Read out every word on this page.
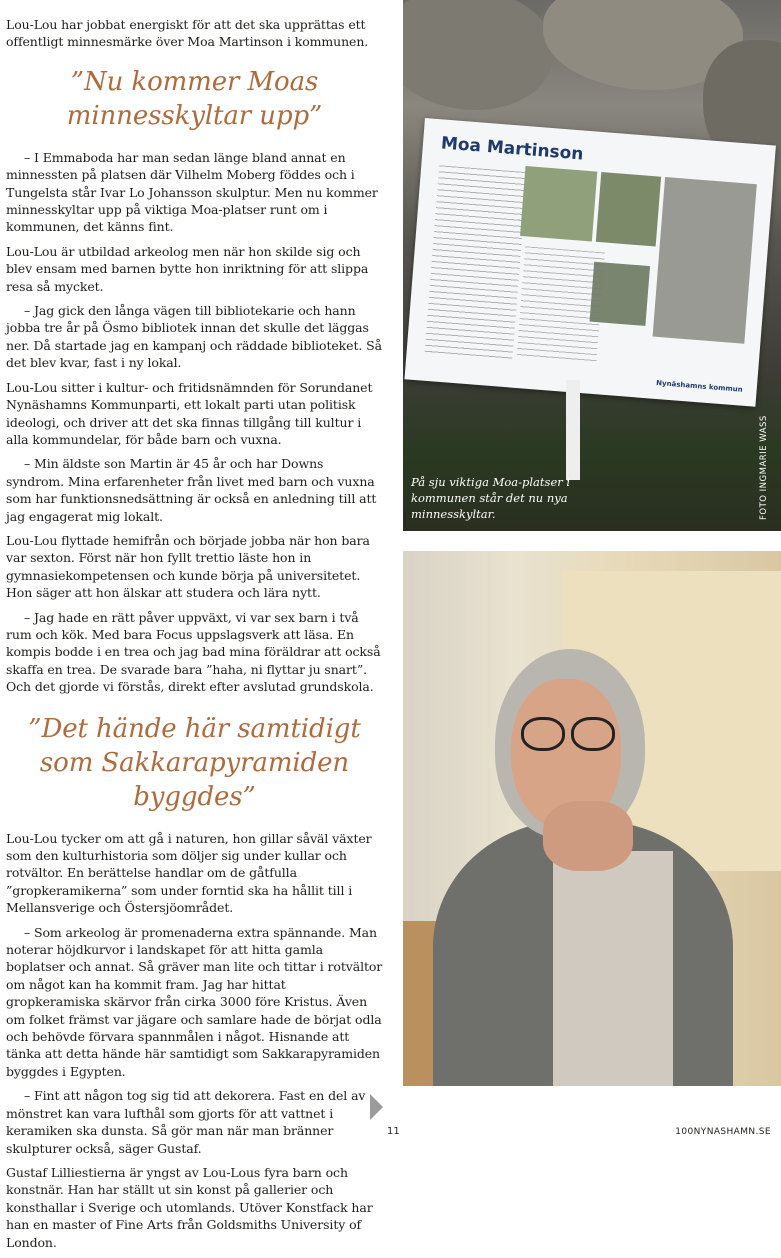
Lou-Lou har jobbat energiskt för att det ska upprättas ett offentligt minnesmärke över Moa Martinson i kommunen.

”Nu kommer Moas minnesskyltar upp”

– I Emmaboda har man sedan länge bland annat en minnessten på platsen där Vilhelm Moberg föddes och i Tungelsta står Ivar Lo Johansson skulptur. Men nu kommer minnesskyltar upp på viktiga Moa-platser runt om i kommunen, det känns fint.

Lou-Lou är utbildad arkeolog men när hon skilde sig och blev ensam med barnen bytte hon inriktning för att slippa resa så mycket.

– Jag gick den långa vägen till bibliotekarie och hann jobba tre år på Ösmo bibliotek innan det skulle det läggas ner. Då startade jag en kampanj och räddade biblioteket. Så det blev kvar, fast i ny lokal.

Lou-Lou sitter i kultur- och fritidsnämnden för Sorundanet Nynäshamns Kommunparti, ett lokalt parti utan politisk ideologi, och driver att det ska finnas tillgång till kultur i alla kommundelar, för både barn och vuxna.

– Min äldste son Martin är 45 år och har Downs syndrom. Mina erfarenheter från livet med barn och vuxna som har funktionsnedsättning är också en anledning till att jag engagerat mig lokalt.

Lou-Lou flyttade hemifrån och började jobba när hon bara var sexton. Först när hon fyllt trettio läste hon in gymnasiekompetensen och kunde börja på universitetet. Hon säger att hon älskar att studera och lära nytt.

– Jag hade en rätt påver uppväxt, vi var sex barn i två rum och kök. Med bara Focus uppslagsverk att läsa. En kompis bodde i en trea och jag bad mina föräldrar att också skaffa en trea. De svarade bara ”haha, ni flyttar ju snart”. Och det gjorde vi förstås, direkt efter avslutad grundskola.

”Det hände här samtidigt som Sakkarapyramiden byggdes”

Lou-Lou tycker om att gå i naturen, hon gillar såväl växter som den kulturhistoria som döljer sig under kullar och rotvältor. En berättelse handlar om de gåtfulla ”gropkeramikerna” som under forntid ska ha hållit till i Mellansverige och Östersjöområdet.

– Som arkeolog är promenaderna extra spännande. Man noterar höjdkurvor i landskapet för att hitta gamla boplatser och annat. Så gräver man lite och tittar i rotvältor om något kan ha kommit fram. Jag har hittat gropkeramiska skärvor från cirka 3000 före Kristus. Även om folket främst var jägare och samlare hade de börjat odla och behövde förvara spannmålen i något. Hisnande att tänka att detta hände här samtidigt som Sakkarapyramiden byggdes i Egypten.

– Fint att någon tog sig tid att dekorera. Fast en del av mönstret kan vara lufthål som gjorts för att vattnet i keramiken ska dunsta. Så gör man när man bränner skulpturer också, säger Gustaf.

Gustaf Lilliestierna är yngst av Lou-Lous fyra barn och konstnär. Han har ställt ut sin konst på gallerier och konsthallar i Sverige och utomlands. Utöver Konstfack har han en master of Fine Arts från Goldsmiths University of London.

Moa Martinson
Nynäshamns kommun
På sju viktiga Moa-platser i kommunen står det nu nya minnesskyltar.	FOTO INGMARIE WASS
11	100NYNASHAMN.SE
